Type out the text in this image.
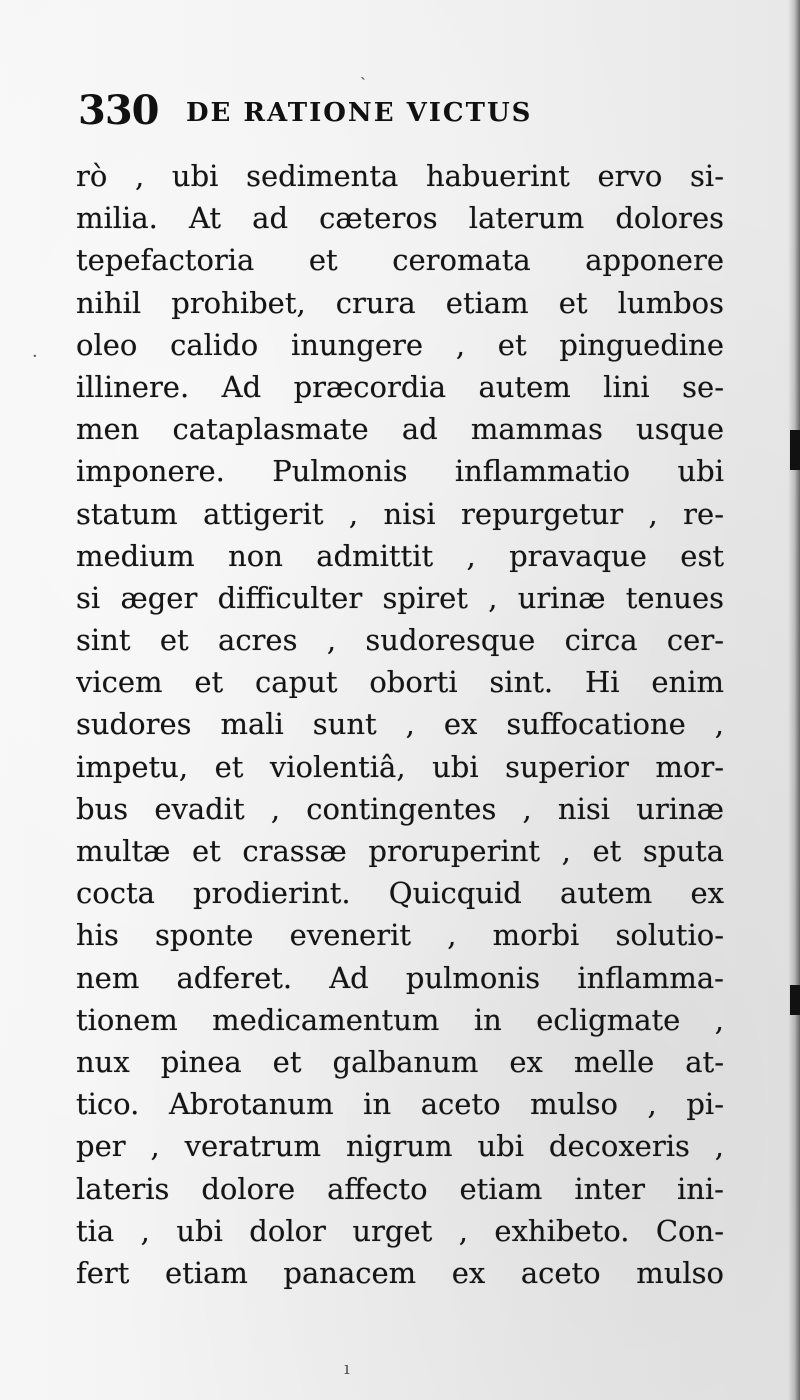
·
ı
ˎ
330 DE RATIONE VICTUS
rò , ubi sedimenta habuerint ervo si-
milia. At ad cæteros laterum dolores
tepefactoria et ceromata apponere
nihil prohibet, crura etiam et lumbos
oleo calido inungere , et pinguedine
illinere. Ad præcordia autem lini se-
men cataplasmate ad mammas usque
imponere. Pulmonis inflammatio ubi
statum attigerit , nisi repurgetur , re-
medium non admittit , pravaque est
si æger difficulter spiret , urinæ tenues
sint et acres , sudoresque circa cer-
vicem et caput oborti sint. Hi enim
sudores mali sunt , ex suffocatione ,
impetu, et violentiâ, ubi superior mor-
bus evadit , contingentes , nisi urinæ
multæ et crassæ proruperint , et sputa
cocta prodierint. Quicquid autem ex
his sponte evenerit , morbi solutio-
nem adferet. Ad pulmonis inflamma-
tionem medicamentum in ecligmate ,
nux pinea et galbanum ex melle at-
tico. Abrotanum in aceto mulso , pi-
per , veratrum nigrum ubi decoxeris ,
lateris dolore affecto etiam inter ini-
tia , ubi dolor urget , exhibeto. Con-
fert etiam panacem ex aceto mulso
